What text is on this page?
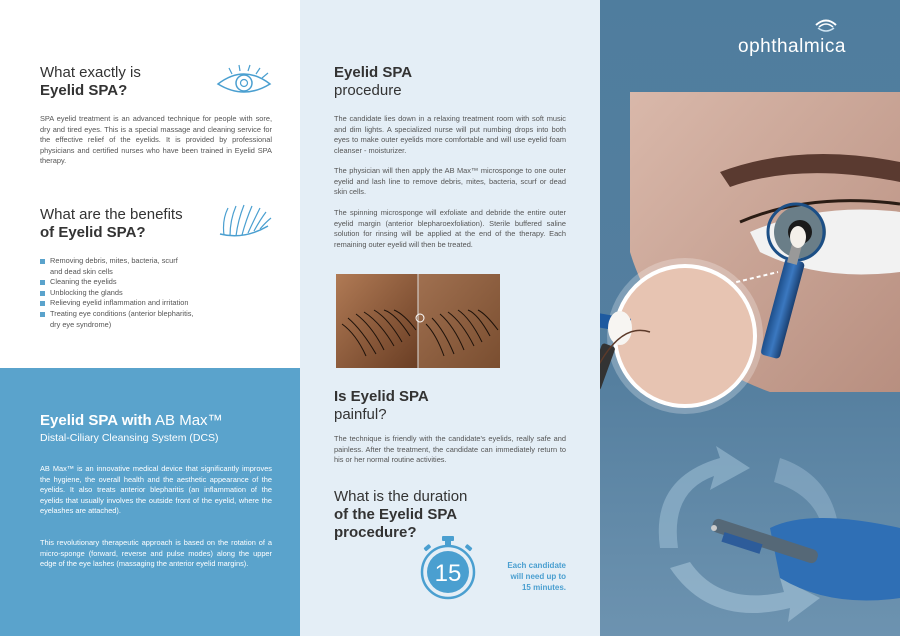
What exactly is
Eyelid SPA?

SPA eyelid treatment is an advanced technique for people with sore, dry and tired eyes. This is a special massage and cleaning service for the effective relief of the eyelids. It is provided by professional physicians and certified nurses who have been trained in Eyelid SPA therapy.

What are the benefits
of Eyelid SPA?
Removing debris, mites, bacteria, scurf
and dead skin cells
Cleaning the eyelids
Unblocking the glands
Relieving eyelid inflammation and irritation
Treating eye conditions (anterior blepharitis,
dry eye syndrome)
Eyelid SPA with AB Max™
Distal-Ciliary Cleansing System (DCS)

AB Max™ is an innovative medical device that significantly improves the hygiene, the overall health and the aesthetic appearance of the eyelids. It also treats anterior blepharitis (an inflammation of the eyelids that usually involves the outside front of the eyelid, where the eyelashes are attached).

This revolutionary therapeutic approach is based on the rotation of a micro-sponge (forward, reverse and pulse modes) along the upper edge of the eye lashes (massaging the anterior eyelid margins).

Eyelid SPA
procedure

The candidate lies down in a relaxing treatment room with soft music and dim lights. A specialized nurse will put numbing drops into both eyes to make outer eyelids more comfortable and will use eyelid foam cleanser - moisturizer.

The physician will then apply the AB Max™ microsponge to one outer eyelid and lash line to remove debris, mites, bacteria, scurf or dead skin cells.

The spinning microsponge will exfoliate and debride the entire outer eyelid margin (anterior blepharoexfoliation). Sterile buffered saline solution for rinsing will be applied at the end of the therapy. Each remaining outer eyelid will then be treated.

Is Eyelid SPA
painful?

The technique is friendly with the candidate's eyelids, really safe and painless. After the treatment, the candidate can immediately return to his or her normal routine activities.

What is the duration
of the Eyelid SPA
procedure?
15	Each candidate
will need up to
15 minutes.
ophthalmica
